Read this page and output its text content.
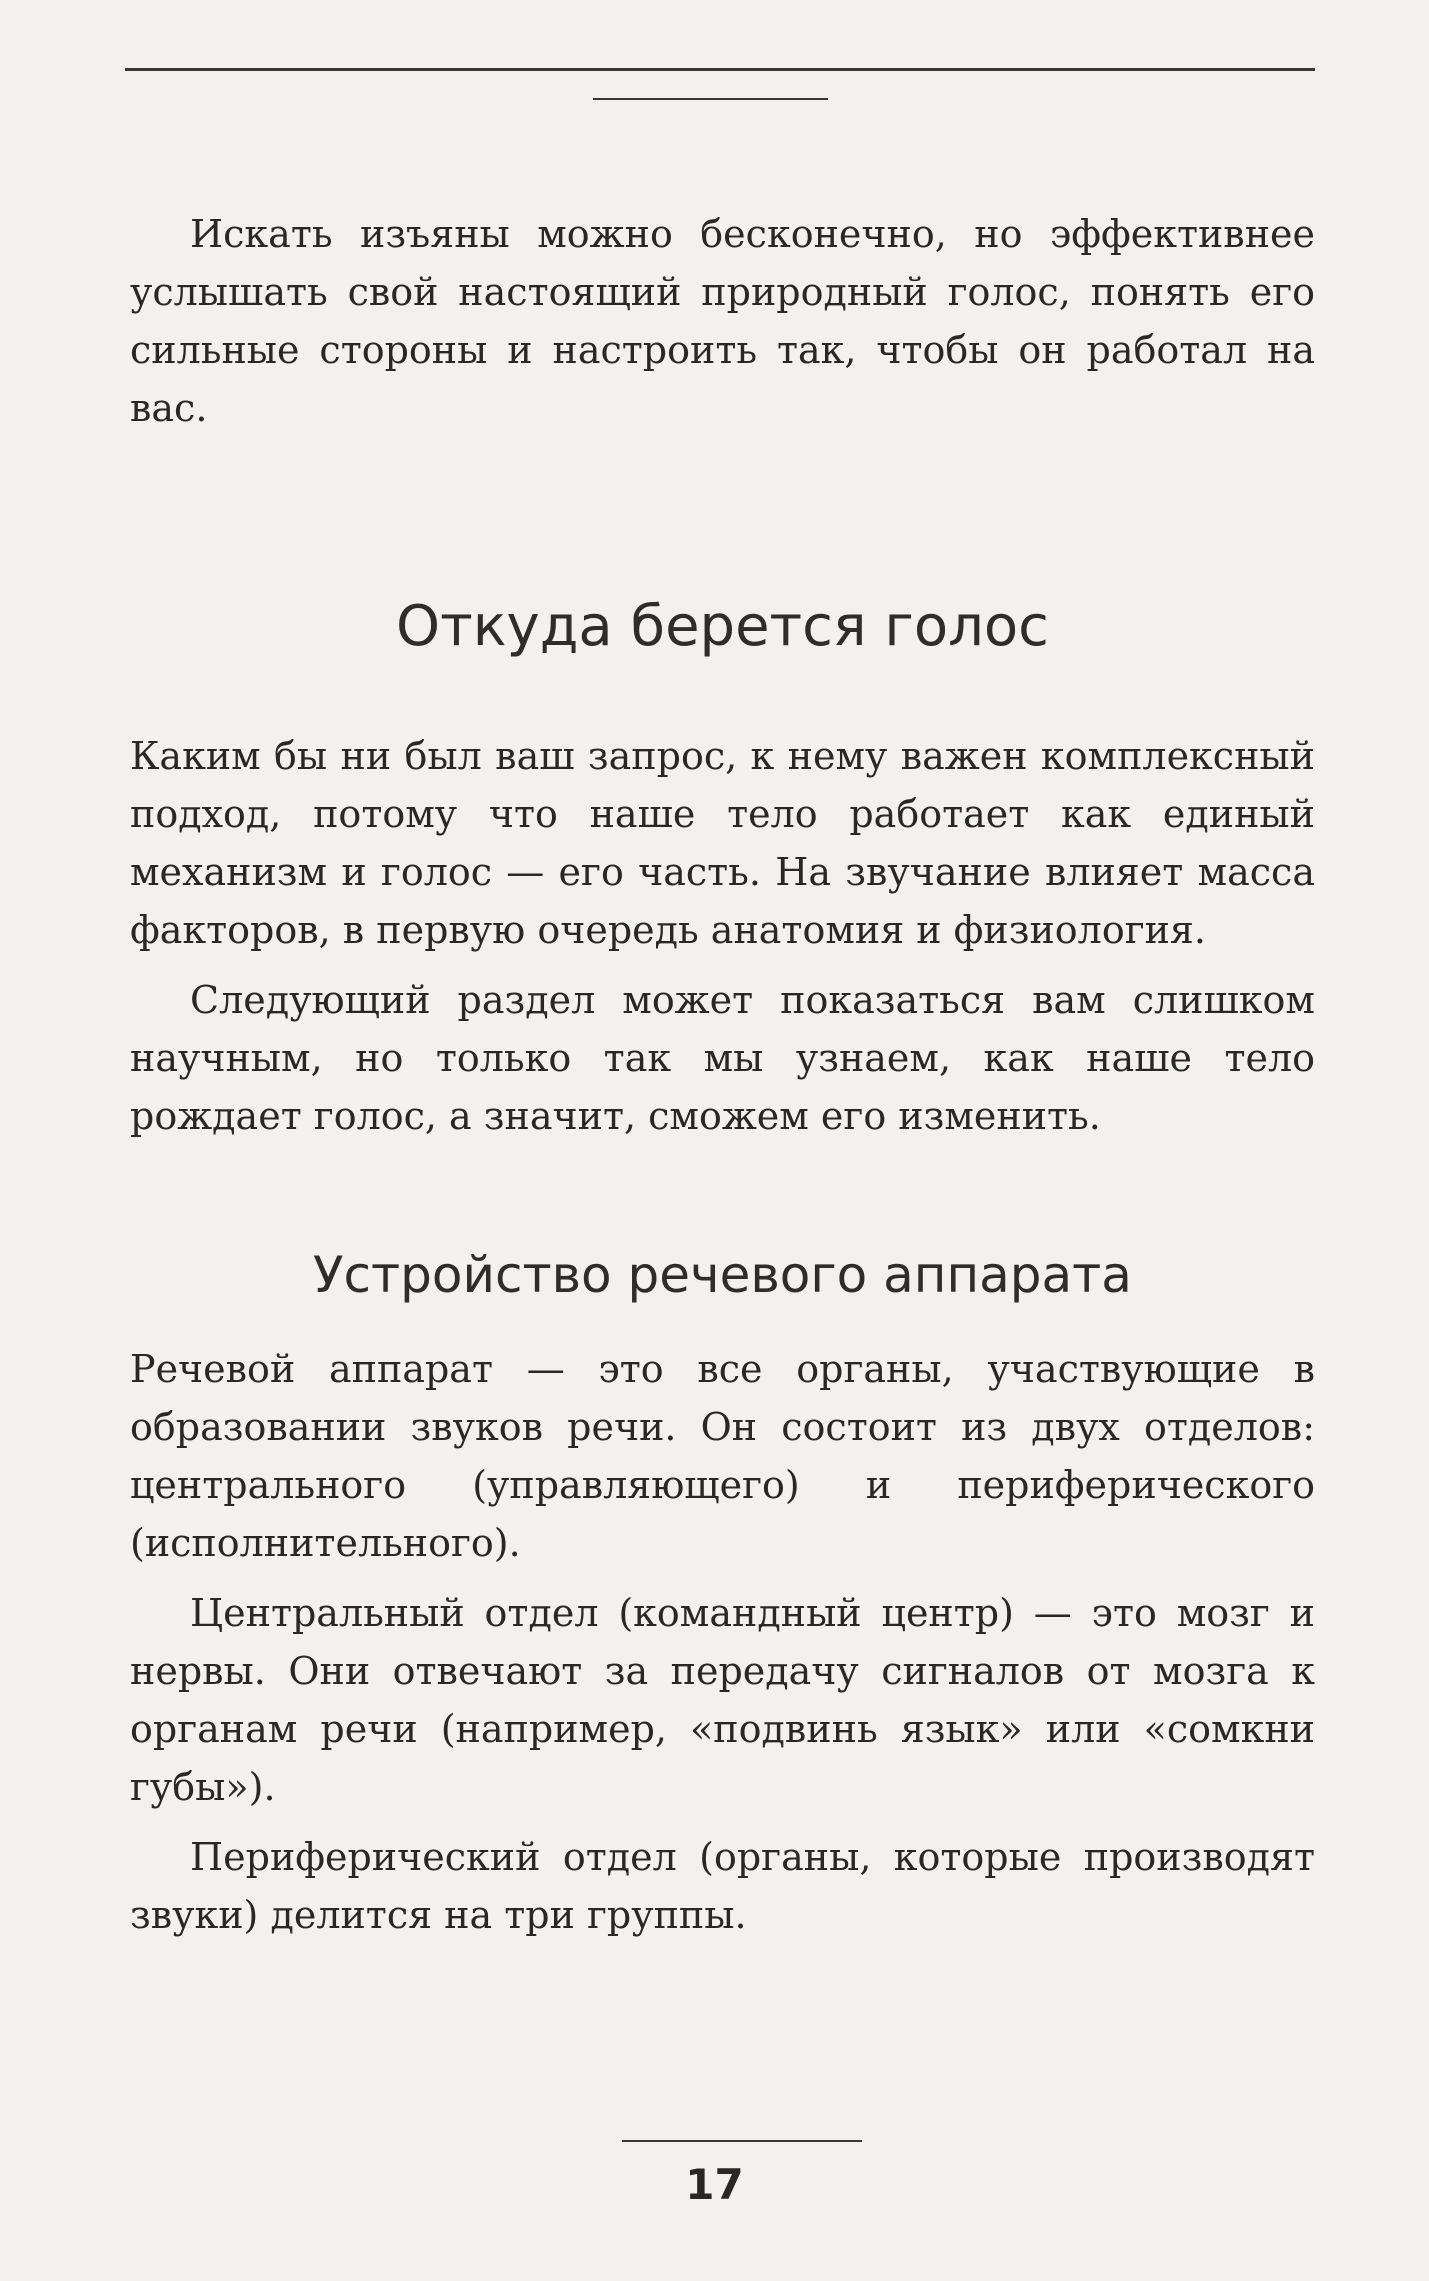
Искать изъяны можно бесконечно, но эффективнее услышать свой настоящий природный голос, понять его сильные стороны и настроить так, чтобы он работал на вас.

Откуда берется голос

Каким бы ни был ваш запрос, к нему важен комплексный подход, потому что наше тело работает как единый механизм и голос — его часть. На звучание влияет масса факторов, в первую очередь анатомия и физиология.

Следующий раздел может показаться вам слишком научным, но только так мы узнаем, как наше тело рождает голос, а значит, сможем его изменить.

Устройство речевого аппарата

Речевой аппарат — это все органы, участвующие в образовании звуков речи. Он состоит из двух отделов: центрального (управляющего) и периферического (исполнительного).

Центральный отдел (командный центр) — это мозг и нервы. Они отвечают за передачу сигналов от мозга к органам речи (например, «подвинь язык» или «сомкни губы»).

Периферический отдел (органы, которые производят звуки) делится на три группы.

17
